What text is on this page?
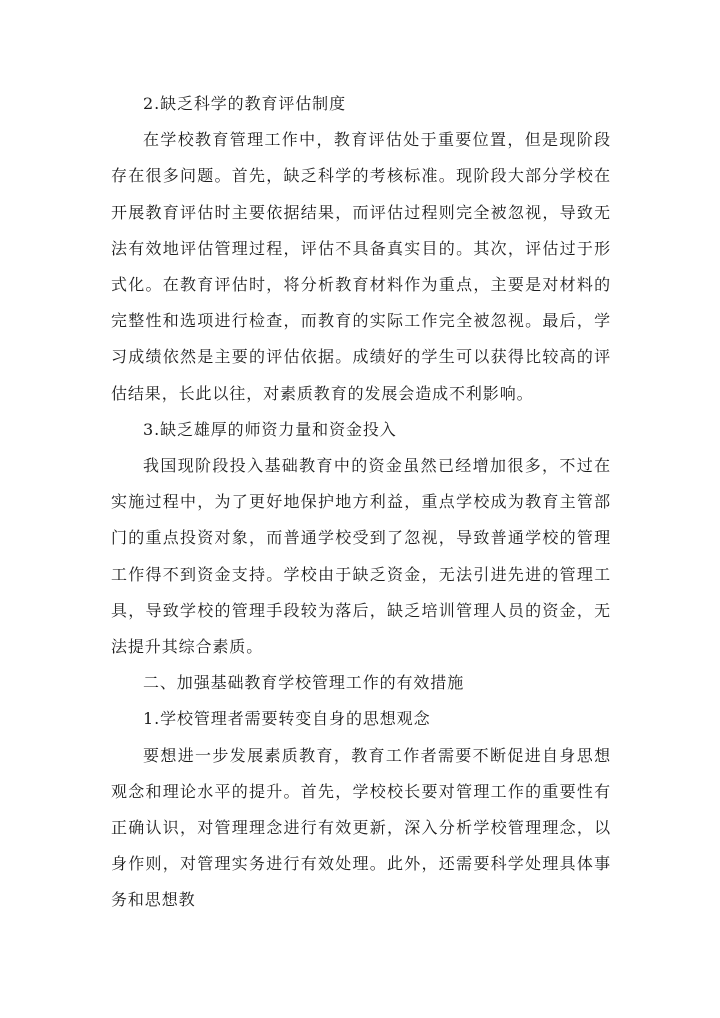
2.缺乏科学的教育评估制度

在学校教育管理工作中，教育评估处于重要位置，但是现阶段存在很多问题。首先，缺乏科学的考核标准。现阶段大部分学校在开展教育评估时主要依据结果，而评估过程则完全被忽视，导致无法有效地评估管理过程，评估不具备真实目的。其次，评估过于形式化。在教育评估时，将分析教育材料作为重点，主要是对材料的完整性和选项进行检查，而教育的实际工作完全被忽视。最后，学习成绩依然是主要的评估依据。成绩好的学生可以获得比较高的评估结果，长此以往，对素质教育的发展会造成不利影响。

3.缺乏雄厚的师资力量和资金投入

我国现阶段投入基础教育中的资金虽然已经增加很多，不过在实施过程中，为了更好地保护地方利益，重点学校成为教育主管部门的重点投资对象，而普通学校受到了忽视，导致普通学校的管理工作得不到资金支持。学校由于缺乏资金，无法引进先进的管理工具，导致学校的管理手段较为落后，缺乏培训管理人员的资金，无法提升其综合素质。

二、加强基础教育学校管理工作的有效措施

1.学校管理者需要转变自身的思想观念

要想进一步发展素质教育，教育工作者需要不断促进自身思想观念和理论水平的提升。首先，学校校长要对管理工作的重要性有正确认识，对管理理念进行有效更新，深入分析学校管理理念，以身作则，对管理实务进行有效处理。此外，还需要科学处理具体事务和思想教
